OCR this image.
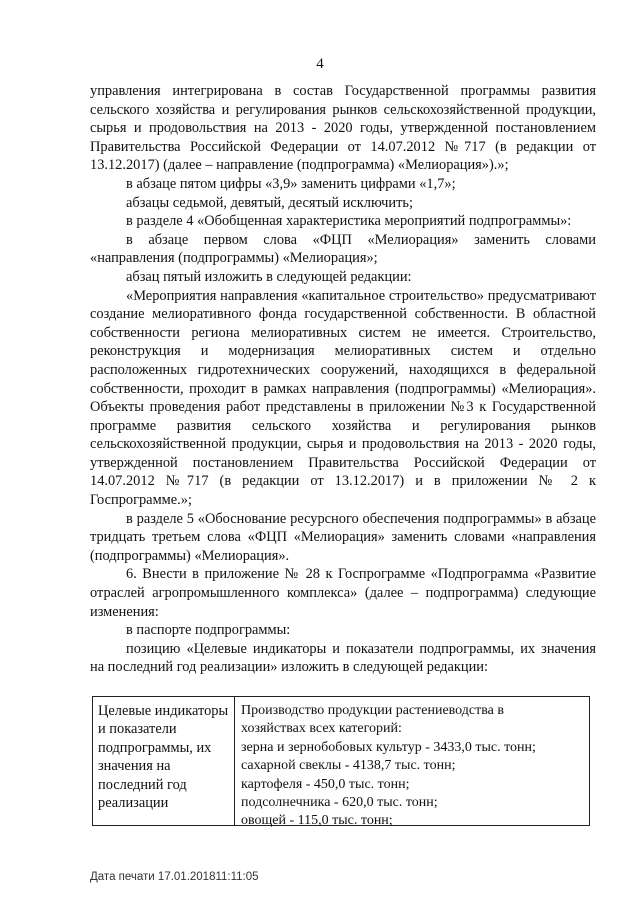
4

управления интегрирована в состав Государственной программы развития сельского хозяйства и регулирования рынков сельскохозяйственной продукции, сырья и продовольствия на 2013 - 2020 годы, утвержденной постановлением Правительства Российской Федерации от 14.07.2012 №717 (в редакции от 13.12.2017) (далее – направление (подпрограмма) «Мелиорация»).»;

в абзаце пятом цифры «3,9» заменить цифрами «1,7»;

абзацы седьмой, девятый, десятый исключить;

в разделе 4 «Обобщенная характеристика мероприятий подпрограммы»:

в абзаце первом слова «ФЦП «Мелиорация» заменить словами «направления (подпрограммы) «Мелиорация»;

абзац пятый изложить в следующей редакции:

«Мероприятия направления «капитальное строительство» предусматривают создание мелиоративного фонда государственной собственности. В областной собственности региона мелиоративных систем не имеется. Строительство, реконструкция и модернизация мелиоративных систем и отдельно расположенных гидротехнических сооружений, находящихся в федеральной собственности, проходит в рамках направления (подпрограммы) «Мелиорация». Объекты проведения работ представлены в приложении №3 к Государственной программе развития сельского хозяйства и регулирования рынков сельскохозяйственной продукции, сырья и продовольствия на 2013 - 2020 годы, утвержденной постановлением Правительства Российской Федерации от 14.07.2012 №717 (в редакции от 13.12.2017) и в приложении № 2 к Госпрограмме.»;

в разделе 5 «Обоснование ресурсного обеспечения подпрограммы» в абзаце тридцать третьем слова «ФЦП «Мелиорация» заменить словами «направления (подпрограммы) «Мелиорация».

6. Внести в приложение № 28 к Госпрограмме «Подпрограмма «Развитие отраслей агропромышленного комплекса» (далее – подпрограмма) следующие изменения:

в паспорте подпрограммы:

позицию «Целевые индикаторы и показатели подпрограммы, их значения на последний год реализации» изложить в следующей редакции:

Целевые индикаторы и показатели подпрограммы, их значения на последний год реализации
Производство продукции растениеводства в
хозяйствах всех категорий:
зерна и зернобобовых культур - 3433,0 тыс. тонн;
сахарной свеклы - 4138,7 тыс. тонн;
картофеля - 450,0 тыс. тонн;
подсолнечника - 620,0 тыс. тонн;
овощей - 115,0 тыс. тонн;
Дата печати 17.01.201811:11:05
